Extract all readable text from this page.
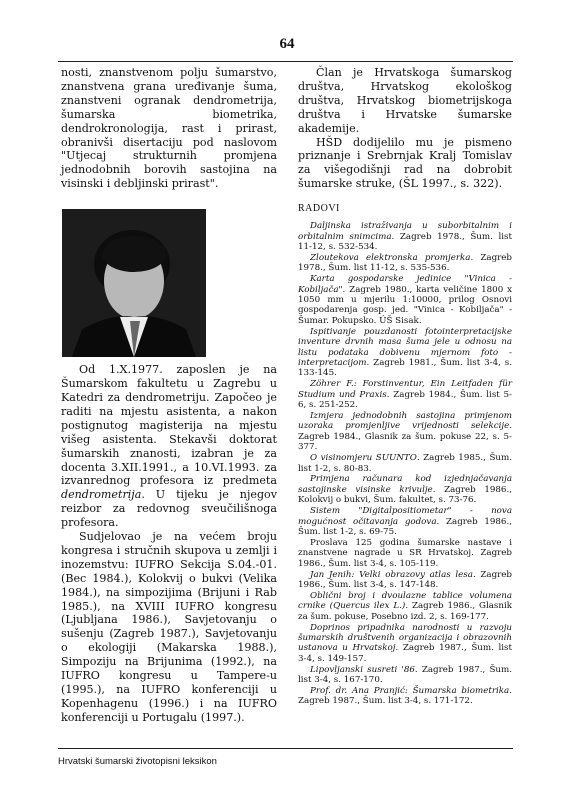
64

nosti, znanstvenom polju šumarstvo, znanstvena grana uređivanje šuma, znanstveni ogranak dendrometrija, šumarska biometrika, dendrokronologija, rast i prirast, obranivši disertaciju pod naslovom "Utjecaj strukturnih promjena jednodobnih borovih sastojina na visinski i debljinski prirast".

Od 1.X.1977. zaposlen je na Šumarskom fakultetu u Zagrebu u Katedri za dendrometriju. Započeo je raditi na mjestu asistenta, a nakon postignutog magisterija na mjestu višeg asistenta. Stekavši doktorat šumarskih znanosti, izabran je za docenta 3.XII.1991., a 10.VI.1993. za izvanrednog profesora iz predmeta dendrometrija. U tijeku je njegov reizbor za redovnog sveučilišnoga profesora.

Sudjelovao je na većem broju kongresa i stručnih skupova u zemlji i inozemstvu: IUFRO Sekcija S.04.-01. (Bec 1984.), Kolokvij o bukvi (Velika 1984.), na simpozijima (Brijuni i Rab 1985.), na XVIII IUFRO kongresu (Ljubljana 1986.), Savjetovanju o sušenju (Zagreb 1987.), Savjetovanju o ekologiji (Makarska 1988.), Simpoziju na Brijunima (1992.), na IUFRO kongresu u Tampere-u (1995.), na IUFRO konferenciji u Kopenhagenu (1996.) i na IUFRO konferenciji u Portugalu (1997.).

Član je Hrvatskoga šumarskog društva, Hrvatskog ekološkog društva, Hrvatskog biometrijskoga društva i Hrvatske šumarske akademije.

HŠD dodijelilo mu je pismeno priznanje i Srebrnjak Kralj Tomislav za višegodišnji rad na dobrobit šumarske struke, (ŠL 1997., s. 322).

RADOVI

Daljinska istraživanja u suborbitalnim i orbitalnim snimcima. Zagreb 1978., Šum. list 11-12, s. 532-534.

Zloutekova elektronska promjerka. Zagreb 1978., Šum. list 11-12, s. 535-536.

Karta gospodarske jedinice "Vinica - Kobiljača". Zagreb 1980., karta veličine 1800 x 1050 mm u mjerilu 1:10000, prilog Osnovi gospodarenja gosp. jed. "Vinica - Kobiljača" - Šumar. Pokupsko. ÚŠ Sisak.

Ispitivanje pouzdanosti fotointerpretacijske inventure drvnih masa šuma jele u odnosu na listu podataka dobivenu mjernom foto - interpretacijom. Zagreb 1981., Šum. list 3-4, s. 133-145.

Zöhrer F.: Forstinventur, Ein Leitfaden für Studium und Praxis. Zagreb 1984., Šum. list 5-6, s. 251-252.

Izmjera jednodobnih sastojina primjenom uzoraka promjenljive vrijednosti selekcije. Zagreb 1984., Glasnik za šum. pokuse 22, s. 5-377.

O visinomjeru SUUNTO. Zagreb 1985., Šum. list 1-2, s. 80-83.

Primjena računara kod izjednjačavanja sastojinske visinske krivulje. Zagreb 1986., Kolokvij o bukvi, Šum. fakultet, s. 73-76.

Sistem "Digitalpositiometar" - nova mogućnost očitavanja godova. Zagreb 1986., Šum. list 1-2, s. 69-75.

Proslava 125 godina šumarske nastave i znanstvene nagrade u SR Hrvatskoj. Zagreb 1986., Šum. list 3-4, s. 105-119.

Jan Jenih: Velki obrazovy atlas lesa. Zagreb 1986., Šum. list 3-4, s. 147-148.

Oblični broj i dvoulazne tablice volumena crnike (Quercus ilex L.). Zagreb 1986., Glasnik za šum. pokuse, Posebno izd. 2, s. 169-177.

Doprinos pripadnika narodnosti u razvoju šumarskih društvenih organizacija i obrazovnih ustanova u Hrvatskoj. Zagreb 1987., Šum. list 3-4, s. 149-157.

Lipovljanski susreti '86. Zagreb 1987., Šum. list 3-4, s. 167-170.

Prof. dr. Ana Pranjić: Šumarska biometrika. Zagreb 1987., Šum. list 3-4, s. 171-172.

Hrvatski šumarski životopisni leksikon
